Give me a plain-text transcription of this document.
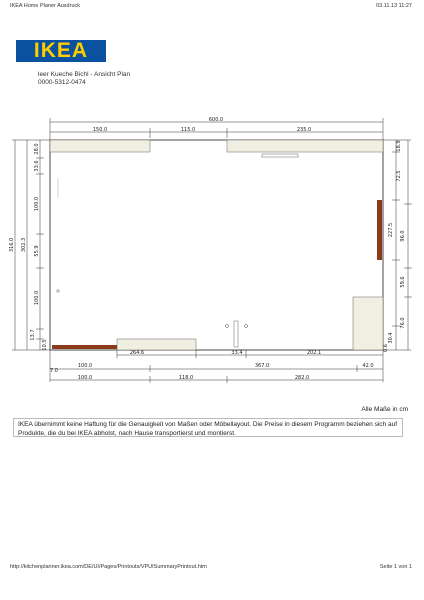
IKEA Home Planer Ausdruck	03.11.13 11:27
IKEA
leer Kueche Bichl - Ansicht Plan
0000-5312-0474
600.0
150.0	115.0	235.0
316.0 302.3
28.0
33.6
100.0
55.9
100.0
13.7
10.5
18.9
72.5
227.5 96.0
59.6
76.0
30.4
0.6
264.6	33.4	202.1
7.0
100.0	367.0	42.0
100.0	118.0	282.0
Alle Maße in cm
IKEA übernimmt keine Haftung für die Genauigkeit von Maßen oder Möbellayout. Die Preise in diesem Programm beziehen sich auf Produkte, die du bei IKEA abholst, nach Hause transportierst und montierst.
http://kitchenplanner.ikea.com/DE/UI/Pages/Printouts/VPUISummaryPrintout.htm	Seite 1 von 1
